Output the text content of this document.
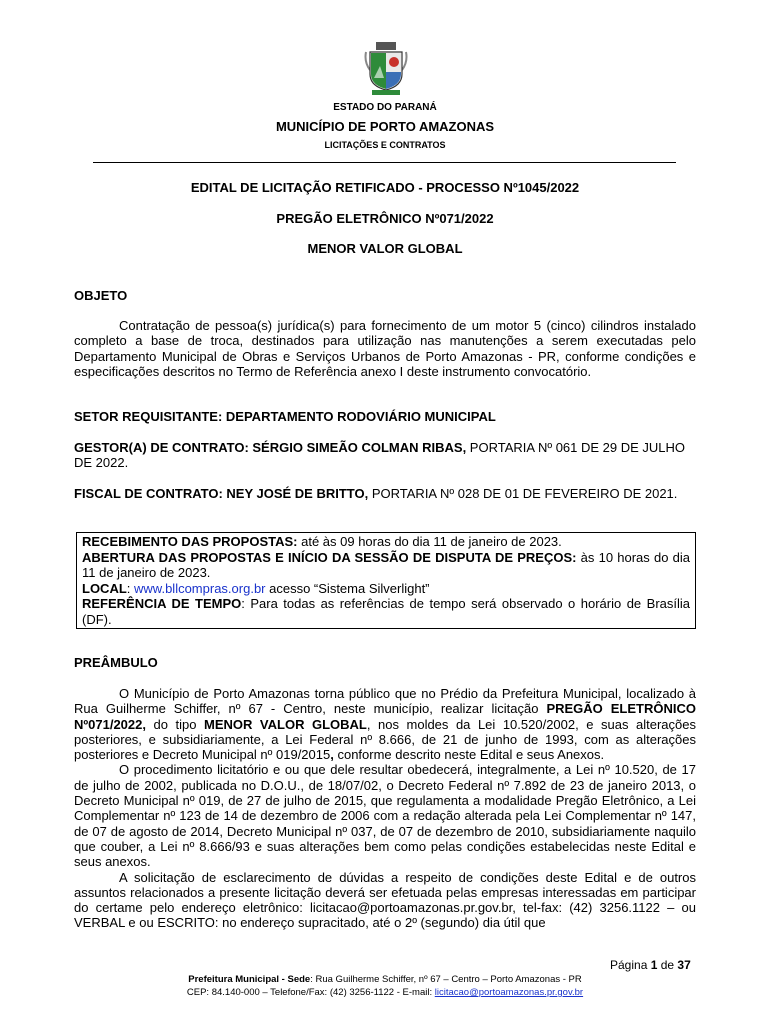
ESTADO DO PARANÁ
MUNICÍPIO DE PORTO AMAZONAS
LICITAÇÕES E CONTRATOS
EDITAL DE LICITAÇÃO RETIFICADO - PROCESSO Nº1045/2022
PREGÃO ELETRÔNICO Nº071/2022
MENOR VALOR GLOBAL
OBJETO

Contratação de pessoa(s) jurídica(s) para fornecimento de um motor 5 (cinco) cilindros instalado completo a base de troca, destinados para utilização nas manutenções a serem executadas pelo Departamento Municipal de Obras e Serviços Urbanos de Porto Amazonas - PR, conforme condições e especificações descritos no Termo de Referência anexo I deste instrumento convocatório.

SETOR REQUISITANTE: DEPARTAMENTO RODOVIÁRIO MUNICIPAL
GESTOR(A) DE CONTRATO: SÉRGIO SIMEÃO COLMAN RIBAS, PORTARIA Nº 061 DE 29 DE JULHO DE 2022.
FISCAL DE CONTRATO: NEY JOSÉ DE BRITTO, PORTARIA Nº 028 DE 01 DE FEVEREIRO DE 2021.

RECEBIMENTO DAS PROPOSTAS: até às 09 horas do dia 11 de janeiro de 2023.

ABERTURA DAS PROPOSTAS E INÍCIO DA SESSÃO DE DISPUTA DE PREÇOS: às 10 horas do dia 11 de janeiro de 2023.

LOCAL: www.bllcompras.org.br acesso “Sistema Silverlight”

REFERÊNCIA DE TEMPO: Para todas as referências de tempo será observado o horário de Brasília (DF).

PREÂMBULO

O Município de Porto Amazonas torna público que no Prédio da Prefeitura Municipal, localizado à Rua Guilherme Schiffer, nº 67 - Centro, neste município, realizar licitação PREGÃO ELETRÔNICO Nº071/2022, do tipo MENOR VALOR GLOBAL, nos moldes da Lei 10.520/2002, e suas alterações posteriores, e subsidiariamente, a Lei Federal nº 8.666, de 21 de junho de 1993, com as alterações posteriores e Decreto Municipal nº 019/2015, conforme descrito neste Edital e seus Anexos.

O procedimento licitatório e ou que dele resultar obedecerá, integralmente, a Lei nº 10.520, de 17 de julho de 2002, publicada no D.O.U., de 18/07/02, o Decreto Federal nº 7.892 de 23 de janeiro 2013, o Decreto Municipal nº 019, de 27 de julho de 2015, que regulamenta a modalidade Pregão Eletrônico, a Lei Complementar nº 123 de 14 de dezembro de 2006 com a redação alterada pela Lei Complementar nº 147, de 07 de agosto de 2014, Decreto Municipal nº 037, de 07 de dezembro de 2010, subsidiariamente naquilo que couber, a Lei nº 8.666/93 e suas alterações bem como pelas condições estabelecidas neste Edital e seus anexos.

A solicitação de esclarecimento de dúvidas a respeito de condições deste Edital e de outros assuntos relacionados a presente licitação deverá ser efetuada pelas empresas interessadas em participar do certame pelo endereço eletrônico: licitacao@portoamazonas.pr.gov.br, tel-fax: (42) 3256.1122 – ou VERBAL e ou ESCRITO: no endereço supracitado, até o 2º (segundo) dia útil que

Página 1 de 37
Prefeitura Municipal - Sede: Rua Guilherme Schiffer, nº 67 – Centro – Porto Amazonas - PR
CEP: 84.140-000 – Telefone/Fax: (42) 3256-1122 - E-mail: licitacao@portoamazonas.pr.gov.br
